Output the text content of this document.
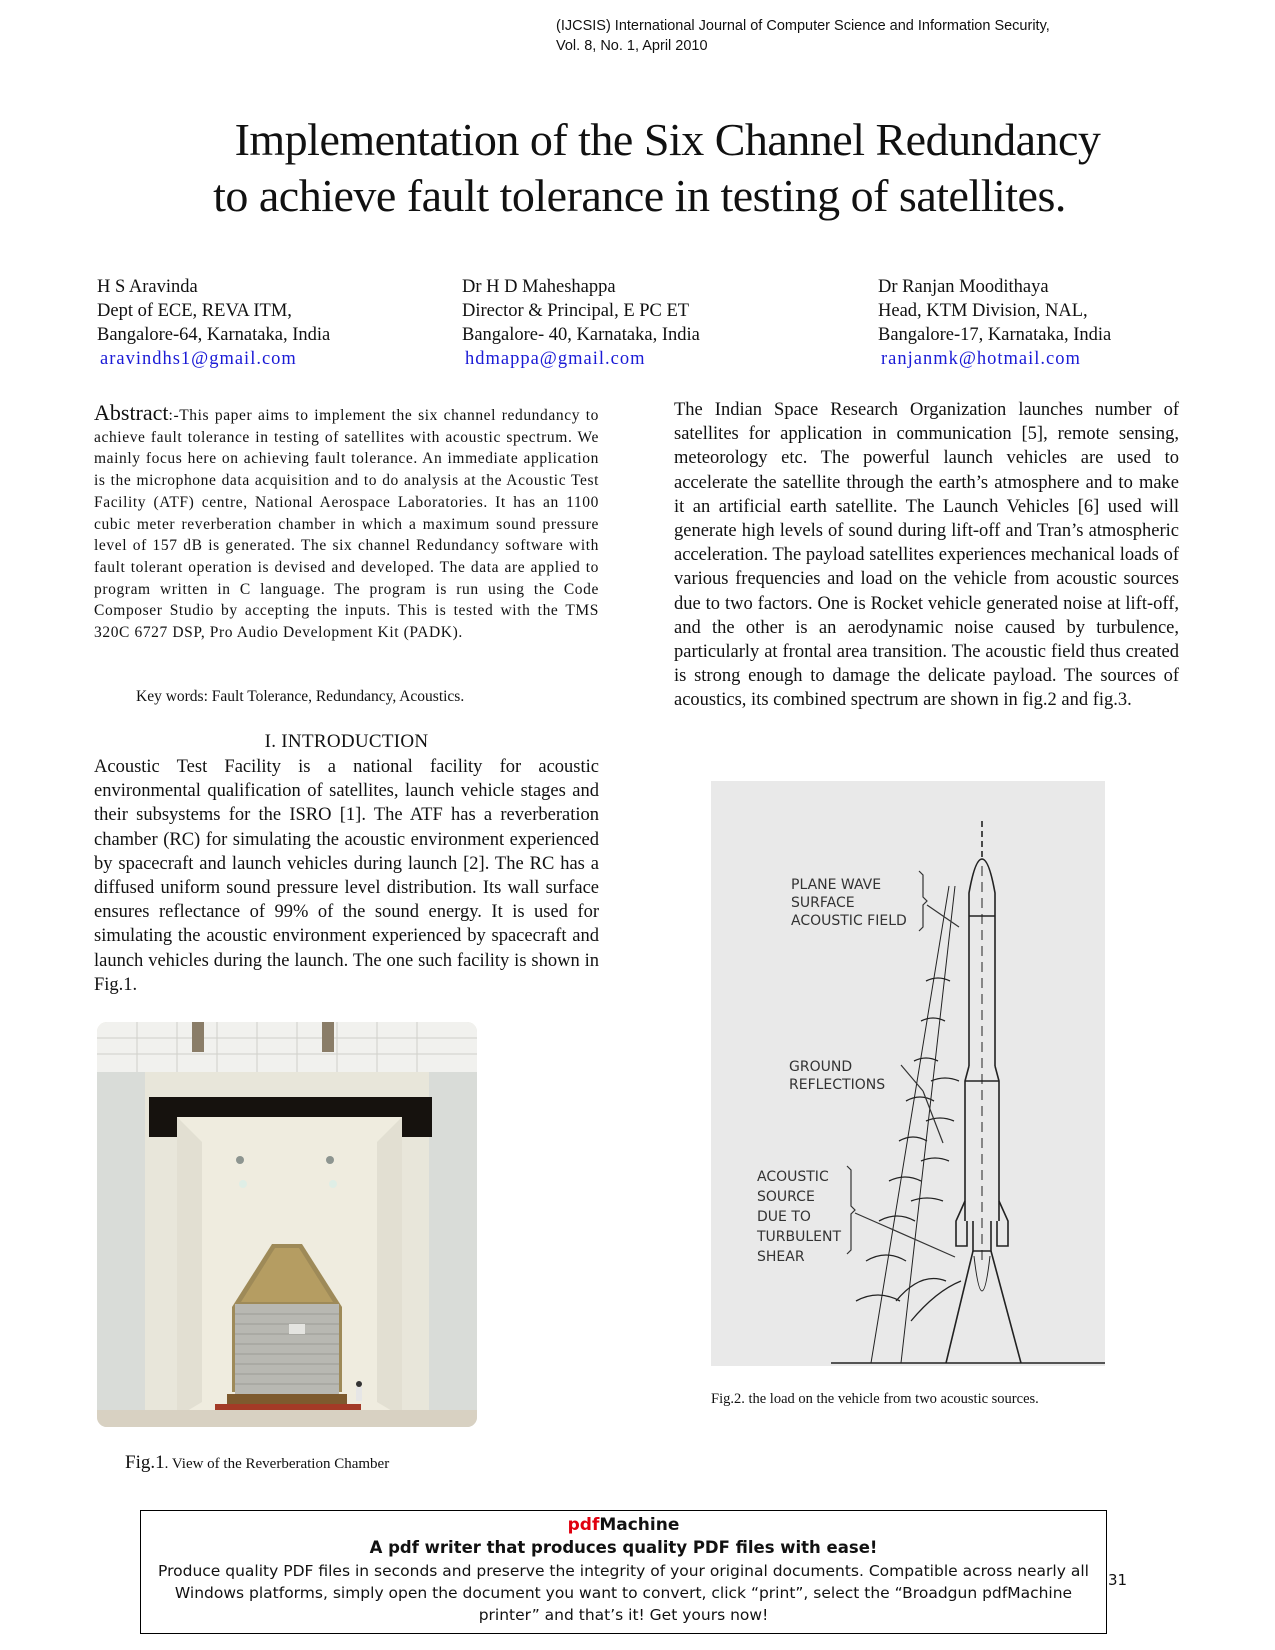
(IJCSIS) International Journal of Computer Science and Information Security,
Vol. 8, No. 1, April 2010
Implementation of the Six Channel Redundancy
to achieve fault tolerance in testing of satellites.
H S Aravinda
Dept of ECE, REVA ITM,
Bangalore-64, Karnataka, India
aravindhs1@gmail.com
Dr H D Maheshappa
Director & Principal, E PC ET
Bangalore- 40, Karnataka, India
hdmappa@gmail.com
Dr Ranjan Moodithaya
Head, KTM Division, NAL,
Bangalore-17, Karnataka, India
ranjanmk@hotmail.com
Abstract:-This paper aims to implement the six channel redundancy to achieve fault tolerance in testing of satellites with acoustic spectrum. We mainly focus here on achieving fault tolerance. An immediate application is the microphone data acquisition and to do analysis at the Acoustic Test Facility (ATF) centre, National Aerospace Laboratories. It has an 1100 cubic meter reverberation chamber in which a maximum sound pressure level of 157 dB is generated. The six channel Redundancy software with fault tolerant operation is devised and developed. The data are applied to program written in C language. The program is run using the Code Composer Studio by accepting the inputs. This is tested with the TMS 320C 6727 DSP, Pro Audio Development Kit (PADK).
Key words: Fault Tolerance, Redundancy, Acoustics.
I. INTRODUCTION
Acoustic Test Facility is a national facility for acoustic environmental qualification of satellites, launch vehicle stages and their subsystems for the ISRO [1]. The ATF has a reverberation chamber (RC) for simulating the acoustic environment experienced by spacecraft and launch vehicles during launch [2]. The RC has a diffused uniform sound pressure level distribution. Its wall surface ensures reflectance of 99% of the sound energy. It is used for simulating the acoustic environment experienced by spacecraft and launch vehicles during the launch. The one such facility is shown in Fig.1.
The Indian Space Research Organization launches number of satellites for application in communication [5], remote sensing, meteorology etc. The powerful launch vehicles are used to accelerate the satellite through the earth’s atmosphere and to make it an artificial earth satellite. The Launch Vehicles [6] used will generate high levels of sound during lift-off and Tran’s atmospheric acceleration. The payload satellites experiences mechanical loads of various frequencies and load on the vehicle from acoustic sources due to two factors. One is Rocket vehicle generated noise at lift-off, and the other is an aerodynamic noise caused by turbulence, particularly at frontal area transition. The acoustic field thus created is strong enough to damage the delicate payload. The sources of acoustics, its combined spectrum are shown in fig.2 and fig.3.
Fig.1. View of the Reverberation Chamber
PLANE WAVE
SURFACE
ACOUSTIC FIELD
GROUND
REFLECTIONS
ACOUSTIC
SOURCE
DUE TO
TURBULENT
SHEAR
Fig.2. the load on the vehicle from two acoustic sources.
pdfMachine
A pdf writer that produces quality PDF files with ease!
Produce quality PDF files in seconds and preserve the integrity of your original documents. Compatible across nearly all Windows platforms, simply open the document you want to convert, click “print”, select the “Broadgun pdfMachine printer” and that’s it! Get yours now!
31
